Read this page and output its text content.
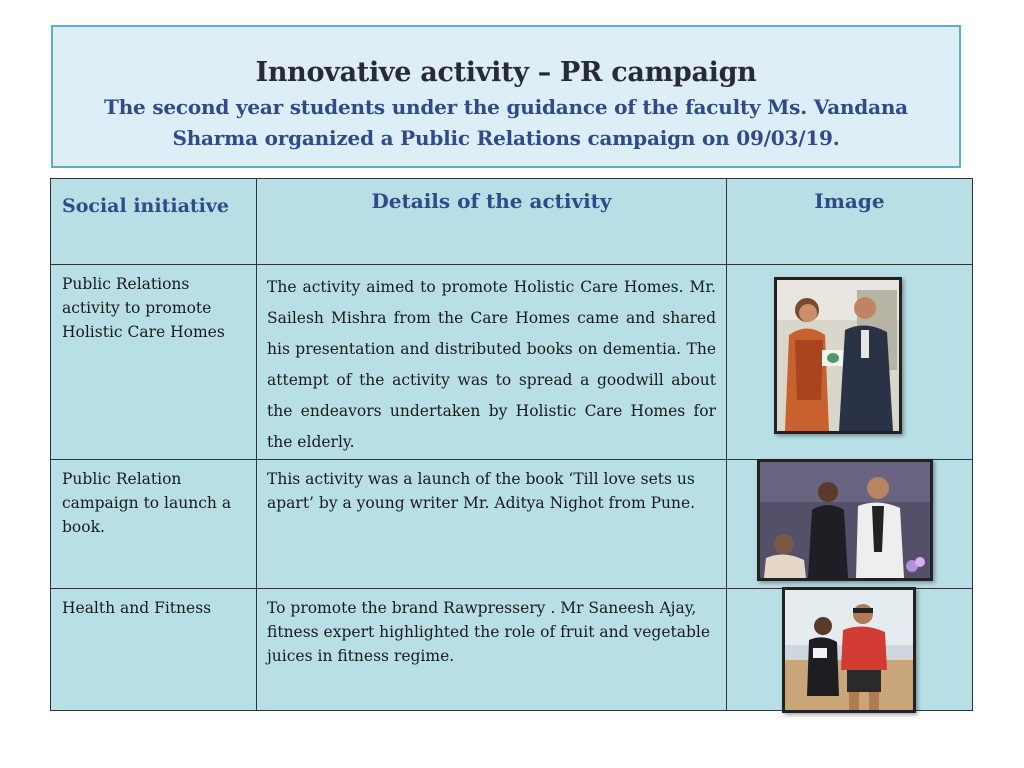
Innovative activity – PR campaign
The second year students under the guidance of the faculty Ms. Vandana Sharma organized a Public Relations campaign on 09/03/19.
Social initiative	Details of the activity	Image

Public Relations activity to promote Holistic Care Homes	The activity aimed to promote Holistic Care Homes. Mr. Sailesh Mishra from the Care Homes came and shared his presentation and distributed books on dementia. The attempt of the activity was to spread a goodwill about the endeavors undertaken by Holistic Care Homes for the elderly.	

Public Relation campaign to launch a book.	This activity was a launch of the book ‘Till love sets us apart’ by a young writer Mr. Aditya Nighot from Pune.	

Health and Fitness	To promote the brand Rawpressery . Mr Saneesh Ajay, fitness expert highlighted the role of fruit and vegetable juices in fitness regime.	
